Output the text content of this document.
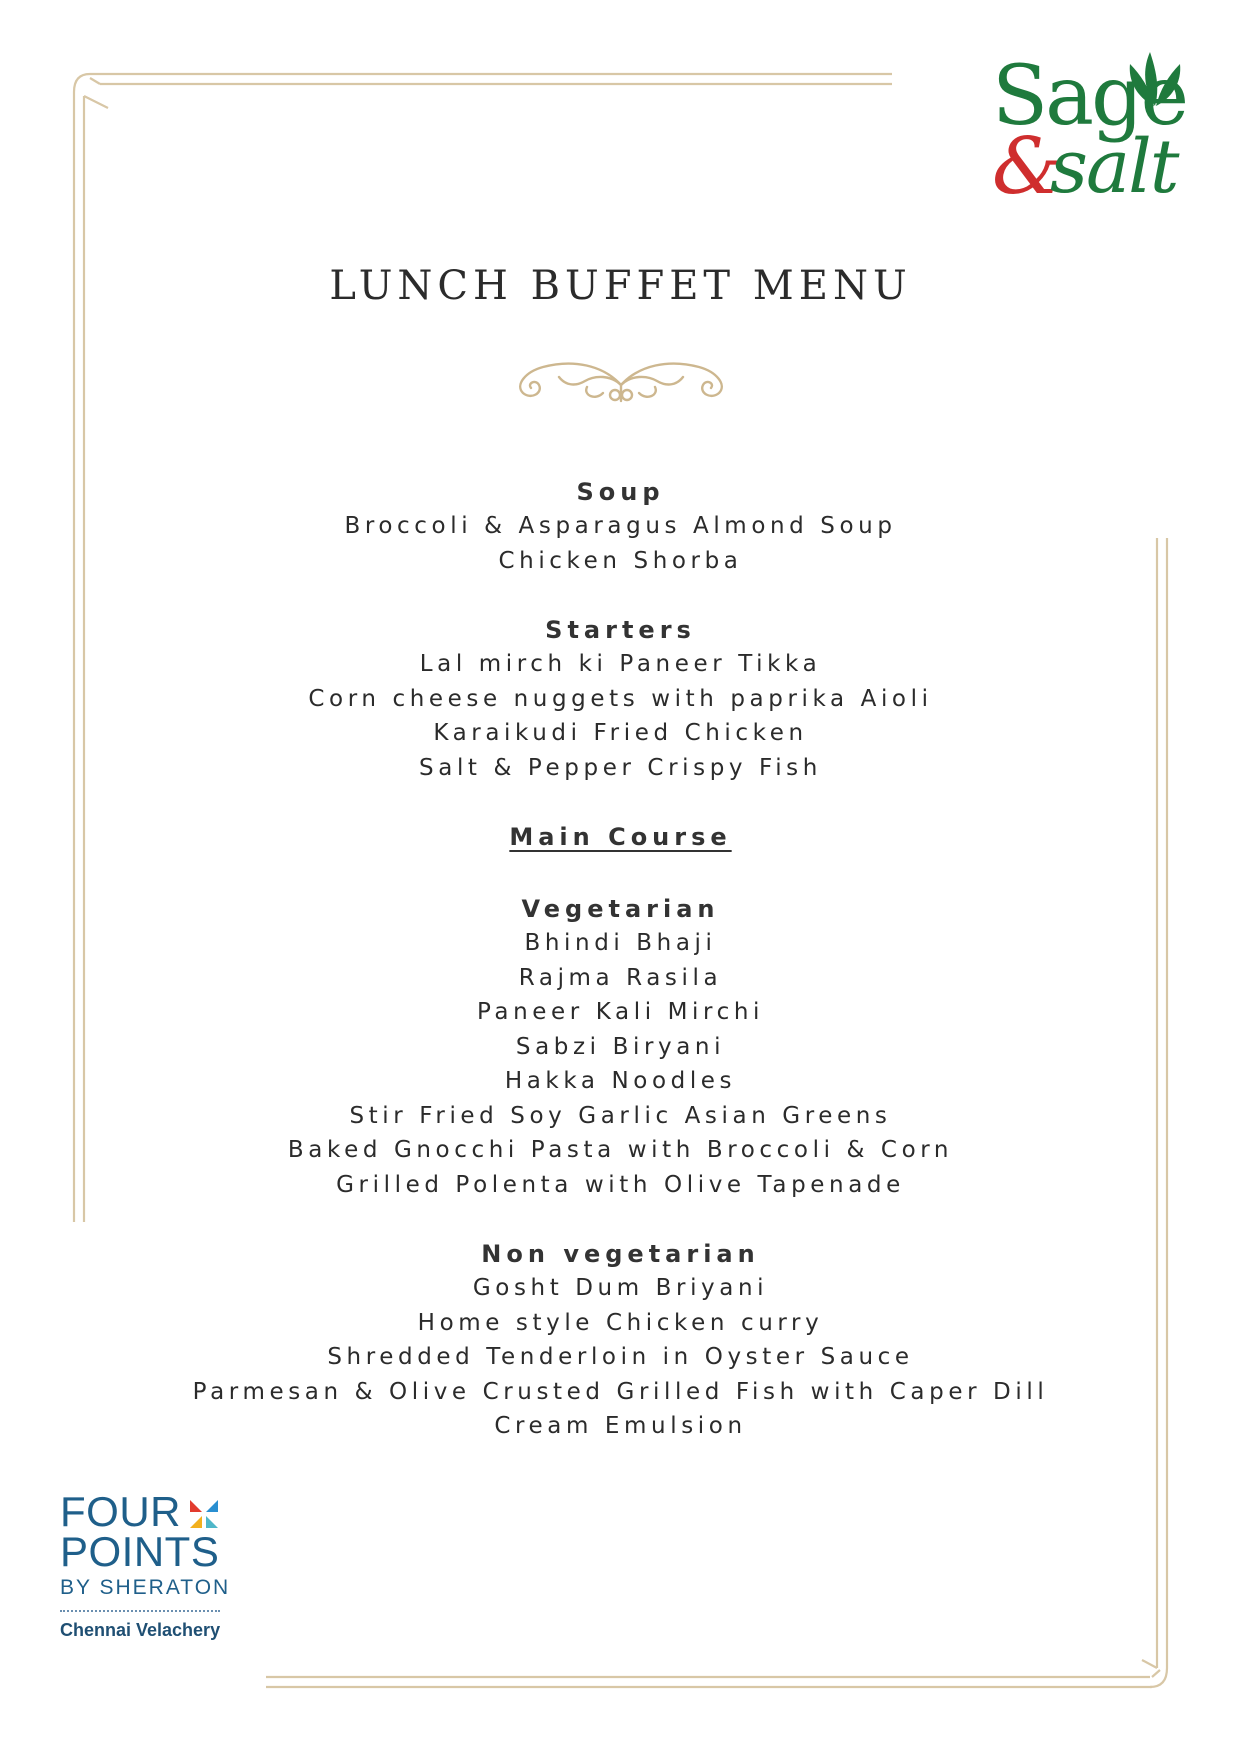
Sage
&
salt
LUNCH BUFFET MENU
Soup
Broccoli & Asparagus Almond Soup
Chicken Shorba
Starters
Lal mirch ki Paneer Tikka
Corn cheese nuggets with paprika Aioli
Karaikudi Fried Chicken
Salt & Pepper Crispy Fish
Main Course
Vegetarian
Bhindi Bhaji
Rajma Rasila
Paneer Kali Mirchi
Sabzi Biryani
Hakka Noodles
Stir Fried Soy Garlic Asian Greens
Baked Gnocchi Pasta with Broccoli & Corn
Grilled Polenta with Olive Tapenade
Non vegetarian
Gosht Dum Briyani
Home style Chicken curry
Shredded Tenderloin in Oyster Sauce
Parmesan & Olive Crusted Grilled Fish with Caper Dill
Cream Emulsion
FOUR
POINTS
BY SHERATON
Chennai Velachery
